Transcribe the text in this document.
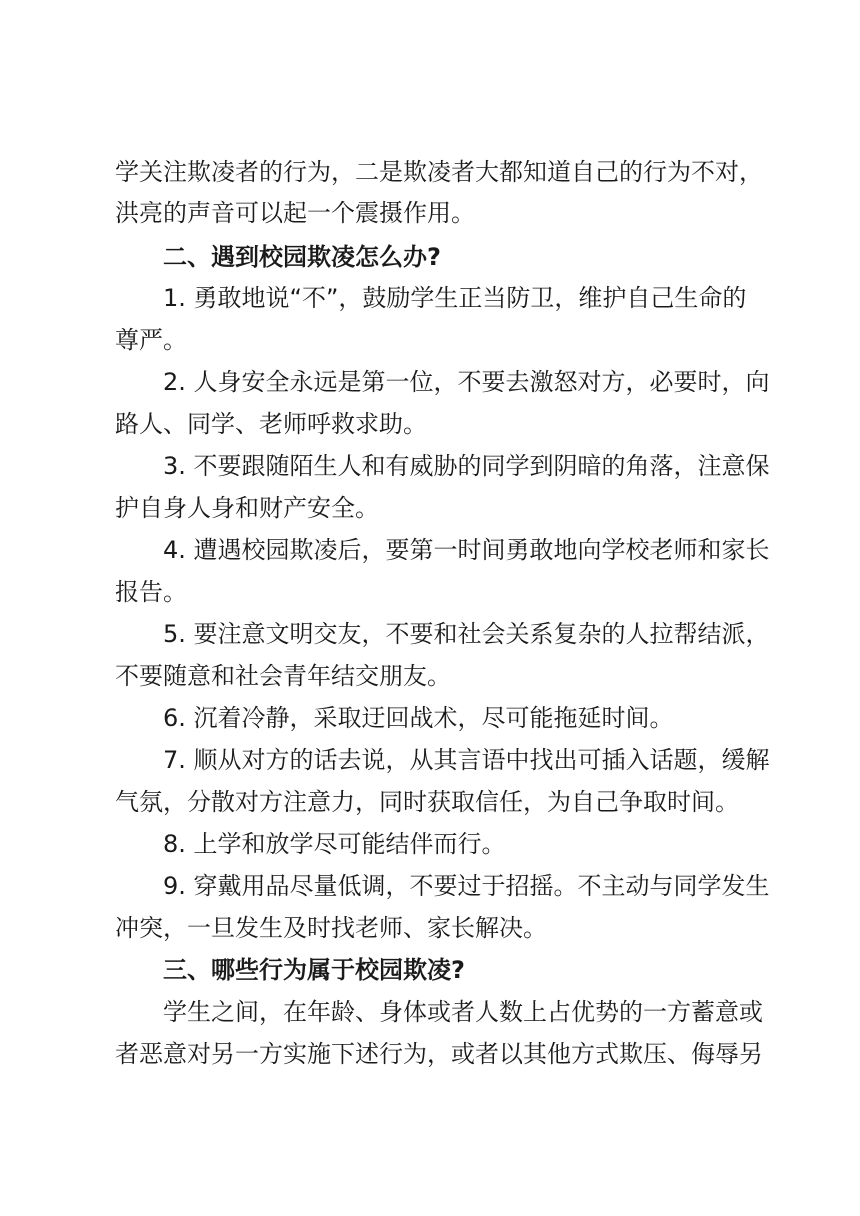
学关注欺凌者的行为，二是欺凌者大都知道自己的行为不对，
洪亮的声音可以起一个震摄作用。
二、遇到校园欺凌怎么办?
1. 勇敢地说“不”，鼓励学生正当防卫，维护自己生命的
尊严。
2. 人身安全永远是第一位，不要去激怒对方，必要时，向
路人、同学、老师呼救求助。
3. 不要跟随陌生人和有威胁的同学到阴暗的角落，注意保
护自身人身和财产安全。
4. 遭遇校园欺凌后，要第一时间勇敢地向学校老师和家长
报告。
5. 要注意文明交友，不要和社会关系复杂的人拉帮结派，
不要随意和社会青年结交朋友。
6. 沉着冷静，采取迂回战术，尽可能拖延时间。
7. 顺从对方的话去说，从其言语中找出可插入话题，缓解
气氛，分散对方注意力，同时获取信任，为自己争取时间。
8. 上学和放学尽可能结伴而行。
9. 穿戴用品尽量低调，不要过于招摇。不主动与同学发生
冲突，一旦发生及时找老师、家长解决。
三、哪些行为属于校园欺凌?
学生之间，在年龄、身体或者人数上占优势的一方蓄意或
者恶意对另一方实施下述行为，或者以其他方式欺压、侮辱另
